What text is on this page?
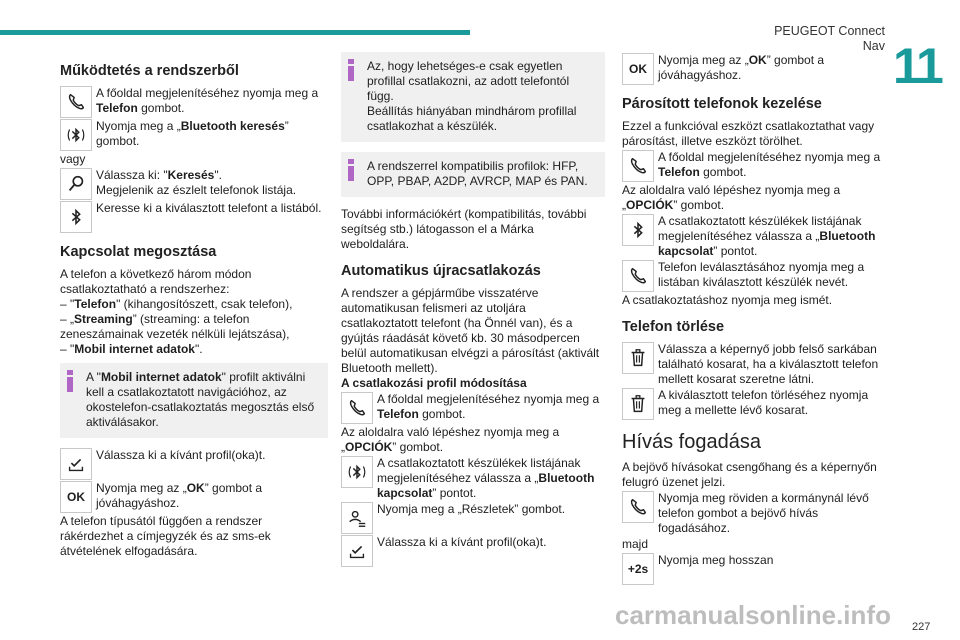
PEUGEOT Connect Nav 11
Működtetés a rendszerből

A főoldal megjelenítéséhez nyomja meg a Telefon gombot.

Nyomja meg a „Bluetooth keresés” gombot.

vagy

Válassza ki: "Keresés".
Megjelenik az észlelt telefonok listája.

Keresse ki a kiválasztott telefont a listából.

Kapcsolat megosztása

A telefon a következő három módon csatlakoztatható a rendszerhez:

– "Telefon" (kihangosítószett, csak telefon),

– „Streaming” (streaming: a telefon zeneszámainak vezeték nélküli lejátszása),

– "Mobil internet adatok".

A "Mobil internet adatok" profilt aktiválni kell a csatlakoztatott navigációhoz, az okostelefon-csatlakoztatás megosztás első aktiválásakor.

Válassza ki a kívánt profil(oka)t.

OK

Nyomja meg az „OK” gombot a jóváhagyáshoz.

A telefon típusától függően a rendszer rákérdezhet a címjegyzék és az sms-ek átvételének elfogadására.

Az, hogy lehetséges-e csak egyetlen profillal csatlakozni, az adott telefontól függ.
Beállítás hiányában mindhárom profillal csatlakozhat a készülék.

A rendszerrel kompatibilis profilok: HFP, OPP, PBAP, A2DP, AVRCP, MAP és PAN.

További információkért (kompatibilitás, további segítség stb.) látogasson el a Márka weboldalára.

Automatikus újracsatlakozás

A rendszer a gépjárműbe visszatérve automatikusan felismeri az utoljára csatlakoztatott telefont (ha Önnél van), és a gyújtás ráadását követő kb. 30 másodpercen belül automatikusan elvégzi a párosítást (aktivált Bluetooth mellett).

A csatlakozási profil módosítása

A főoldal megjelenítéséhez nyomja meg a Telefon gombot.

Az aloldalra való lépéshez nyomja meg a „OPCIÓK” gombot.

A csatlakoztatott készülékek listájának megjelenítéséhez válassza a „Bluetooth kapcsolat” pontot.

Nyomja meg a „Részletek” gombot.

Válassza ki a kívánt profil(oka)t.

OK

Nyomja meg az „OK” gombot a jóváhagyáshoz.

Párosított telefonok kezelése

Ezzel a funkcióval eszközt csatlakoztathat vagy párosítást, illetve eszközt törölhet.

A főoldal megjelenítéséhez nyomja meg a Telefon gombot.

Az aloldalra való lépéshez nyomja meg a „OPCIÓK” gombot.

A csatlakoztatott készülékek listájának megjelenítéséhez válassza a „Bluetooth kapcsolat” pontot.

Telefon leválasztásához nyomja meg a listában kiválasztott készülék nevét.

A csatlakoztatáshoz nyomja meg ismét.

Telefon törlése

Válassza a képernyő jobb felső sarkában található kosarat, ha a kiválasztott telefon mellett kosarat szeretne látni.

A kiválasztott telefon törléséhez nyomja meg a mellette lévő kosarat.

Hívás fogadása

A bejövő hívásokat csengőhang és a képernyőn felugró üzenet jelzi.

Nyomja meg röviden a kormánynál lévő telefon gombot a bejövő hívás fogadásához.

majd

+2s

Nyomja meg hosszan

carmanualsonline.info 227
